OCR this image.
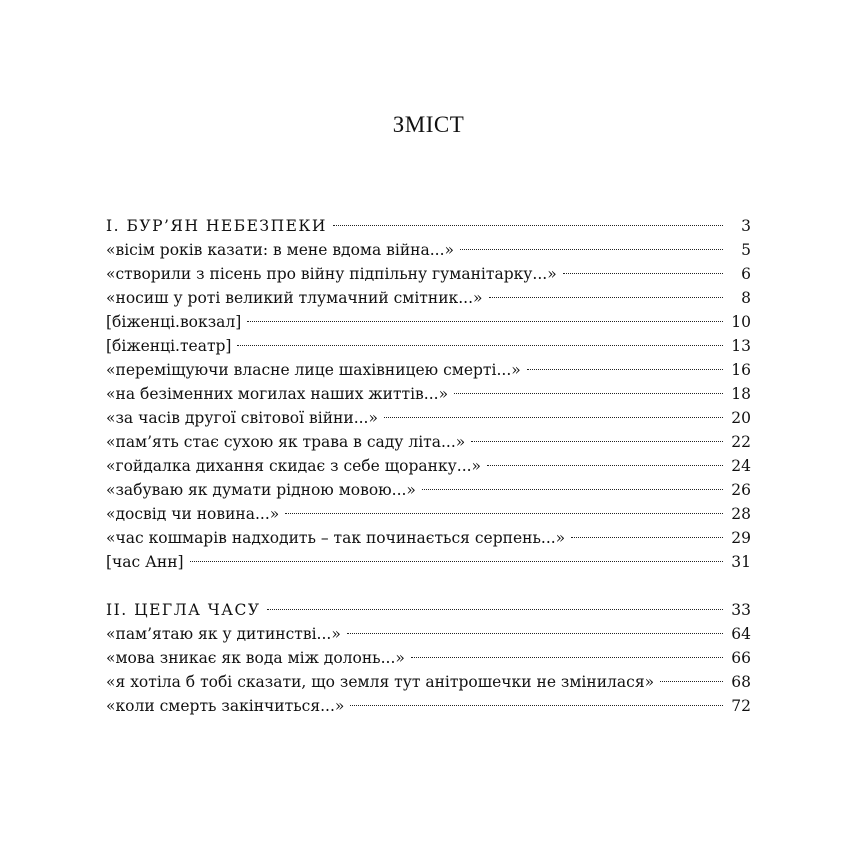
ЗМІСТ
І. БУР’ЯН НЕБЕЗПЕКИ	3
«вісім років казати: в мене вдома війна...»	5
«створили з пісень про війну підпільну гуманітарку...»	6
«носиш у роті великий тлумачний смітник...»	8
[біженці.вокзал]	10
[біженці.театр]	13
«переміщуючи власне лице шахівницею смерті...»	16
«на безіменних могилах наших життів...»	18
«за часів другої світової війни...»	20
«пам’ять стає сухою як трава в саду літа...»	22
«гойдалка дихання скидає з себе щоранку...»	24
«забуваю як думати рідною мовою...»	26
«досвід чи новина...»	28
«час кошмарів надходить – так починається серпень...»	29
[час Анн]	31
ІІ. ЦЕГЛА ЧАСУ	33
«пам’ятаю як у дитинстві...»	64
«мова зникає як вода між долонь...»	66
«я хотіла б тобі сказати, що земля тут анітрошечки не змінилася»	68
«коли смерть закінчиться...»	72
